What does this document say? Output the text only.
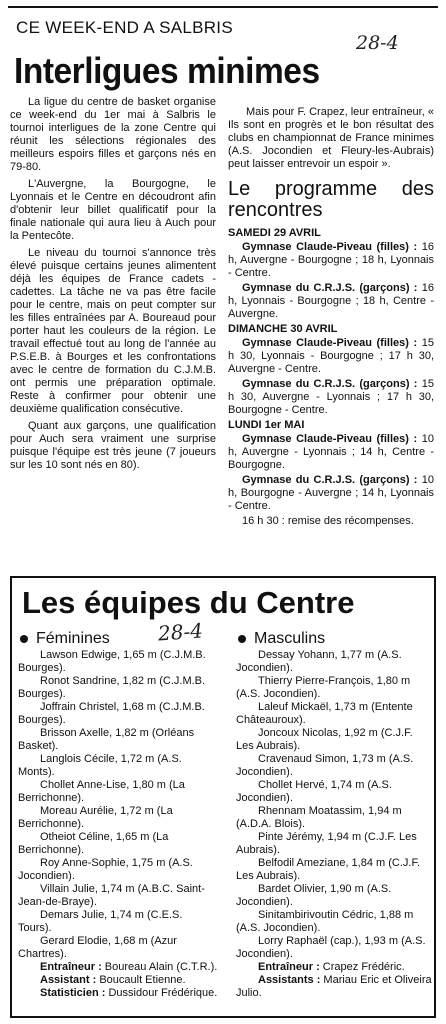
CE WEEK-END A SALBRIS
28-4
Interligues minimes

La ligue du centre de basket organise ce week-end du 1er mai à Salbris le tournoi interligues de la zone Centre qui réunit les sélections régionales des meilleurs espoirs filles et garçons nés en 79-80.

L'Auvergne, la Bourgogne, le Lyonnais et le Centre en découdront afin d'obtenir leur billet qualificatif pour la finale nationale qui aura lieu à Auch pour la Pentecôte.

Le niveau du tournoi s'annonce très élevé puisque certains jeunes alimentent déjà les équipes de France cadets - cadettes. La tâche ne va pas être facile pour le centre, mais on peut compter sur les filles entraînées par A. Boureaud pour porter haut les couleurs de la région. Le travail effectué tout au long de l'année au P.S.E.B. à Bourges et les confrontations avec le centre de formation du C.J.M.B. ont permis une préparation optimale. Reste à confirmer pour obtenir une deuxième qualification consécutive.

Quant aux garçons, une qualification pour Auch sera vraiment une surprise puisque l'équipe est très jeune (7 joueurs sur les 10 sont nés en 80).

Mais pour F. Crapez, leur entraîneur, « Ils sont en progrès et le bon résultat des clubs en championnat de France minimes (A.S. Jocondien et Fleury-les-Aubrais) peut laisser entrevoir un espoir ».

Le programme des rencontres
SAMEDI 29 AVRIL
Gymnase Claude-Piveau (filles) : 16 h, Auvergne - Bourgogne ; 18 h, Lyonnais - Centre.
Gymnase du C.R.J.S. (garçons) : 16 h, Lyonnais - Bourgogne ; 18 h, Centre - Auvergne.
DIMANCHE 30 AVRIL
Gymnase Claude-Piveau (filles) : 15 h 30, Lyonnais - Bourgogne ; 17 h 30, Auvergne - Centre.
Gymnase du C.R.J.S. (garçons) : 15 h 30, Auvergne - Lyonnais ; 17 h 30, Bourgogne - Centre.
LUNDI 1er MAI
Gymnase Claude-Piveau (filles) : 10 h, Auvergne - Lyonnais ; 14 h, Centre - Bourgogne.
Gymnase du C.R.J.S. (garçons) : 10 h, Bourgogne - Auvergne ; 14 h, Lyonnais - Centre.
16 h 30 : remise des récompenses.
Les équipes du Centre
28-4
Féminines
Lawson Edwige, 1,65 m (C.J.M.B. Bourges).
Ronot Sandrine, 1,82 m (C.J.M.B. Bourges).
Joffrain Christel, 1,68 m (C.J.M.B. Bourges).
Brisson Axelle, 1,82 m (Orléans Basket).
Langlois Cécile, 1,72 m (A.S. Monts).
Chollet Anne-Lise, 1,80 m (La Berrichonne).
Moreau Aurélie, 1,72 m (La Berrichonne).
Otheiot Céline, 1,65 m (La Berrichonne).
Roy Anne-Sophie, 1,75 m (A.S. Jocondien).
Villain Julie, 1,74 m (A.B.C. Saint-Jean-de-Braye).
Demars Julie, 1,74 m (C.E.S. Tours).
Gerard Elodie, 1,68 m (Azur Chartres).
Entraîneur : Boureau Alain (C.T.R.).
Assistant : Boucault Etienne.
Statisticien : Dussidour Frédérique.
Masculins
Dessay Yohann, 1,77 m (A.S. Jocondien).
Thierry Pierre-François, 1,80 m (A.S. Jocondien).
Laleuf Mickaël, 1,73 m (Entente Châteauroux).
Joncoux Nicolas, 1,92 m (C.J.F. Les Aubrais).
Cravenaud Simon, 1,73 m (A.S. Jocondien).
Chollet Hervé, 1,74 m (A.S. Jocondien).
Rhennam Moatassim, 1,94 m (A.D.A. Blois).
Pinte Jérémy, 1,94 m (C.J.F. Les Aubrais).
Belfodil Ameziane, 1,84 m (C.J.F. Les Aubrais).
Bardet Olivier, 1,90 m (A.S. Jocondien).
Sinitambirivoutin Cédric, 1,88 m (A.S. Jocondien).
Lorry Raphaël (cap.), 1,93 m (A.S. Jocondien).
Entraîneur : Crapez Frédéric.
Assistants : Mariau Eric et Oliveira Julio.
